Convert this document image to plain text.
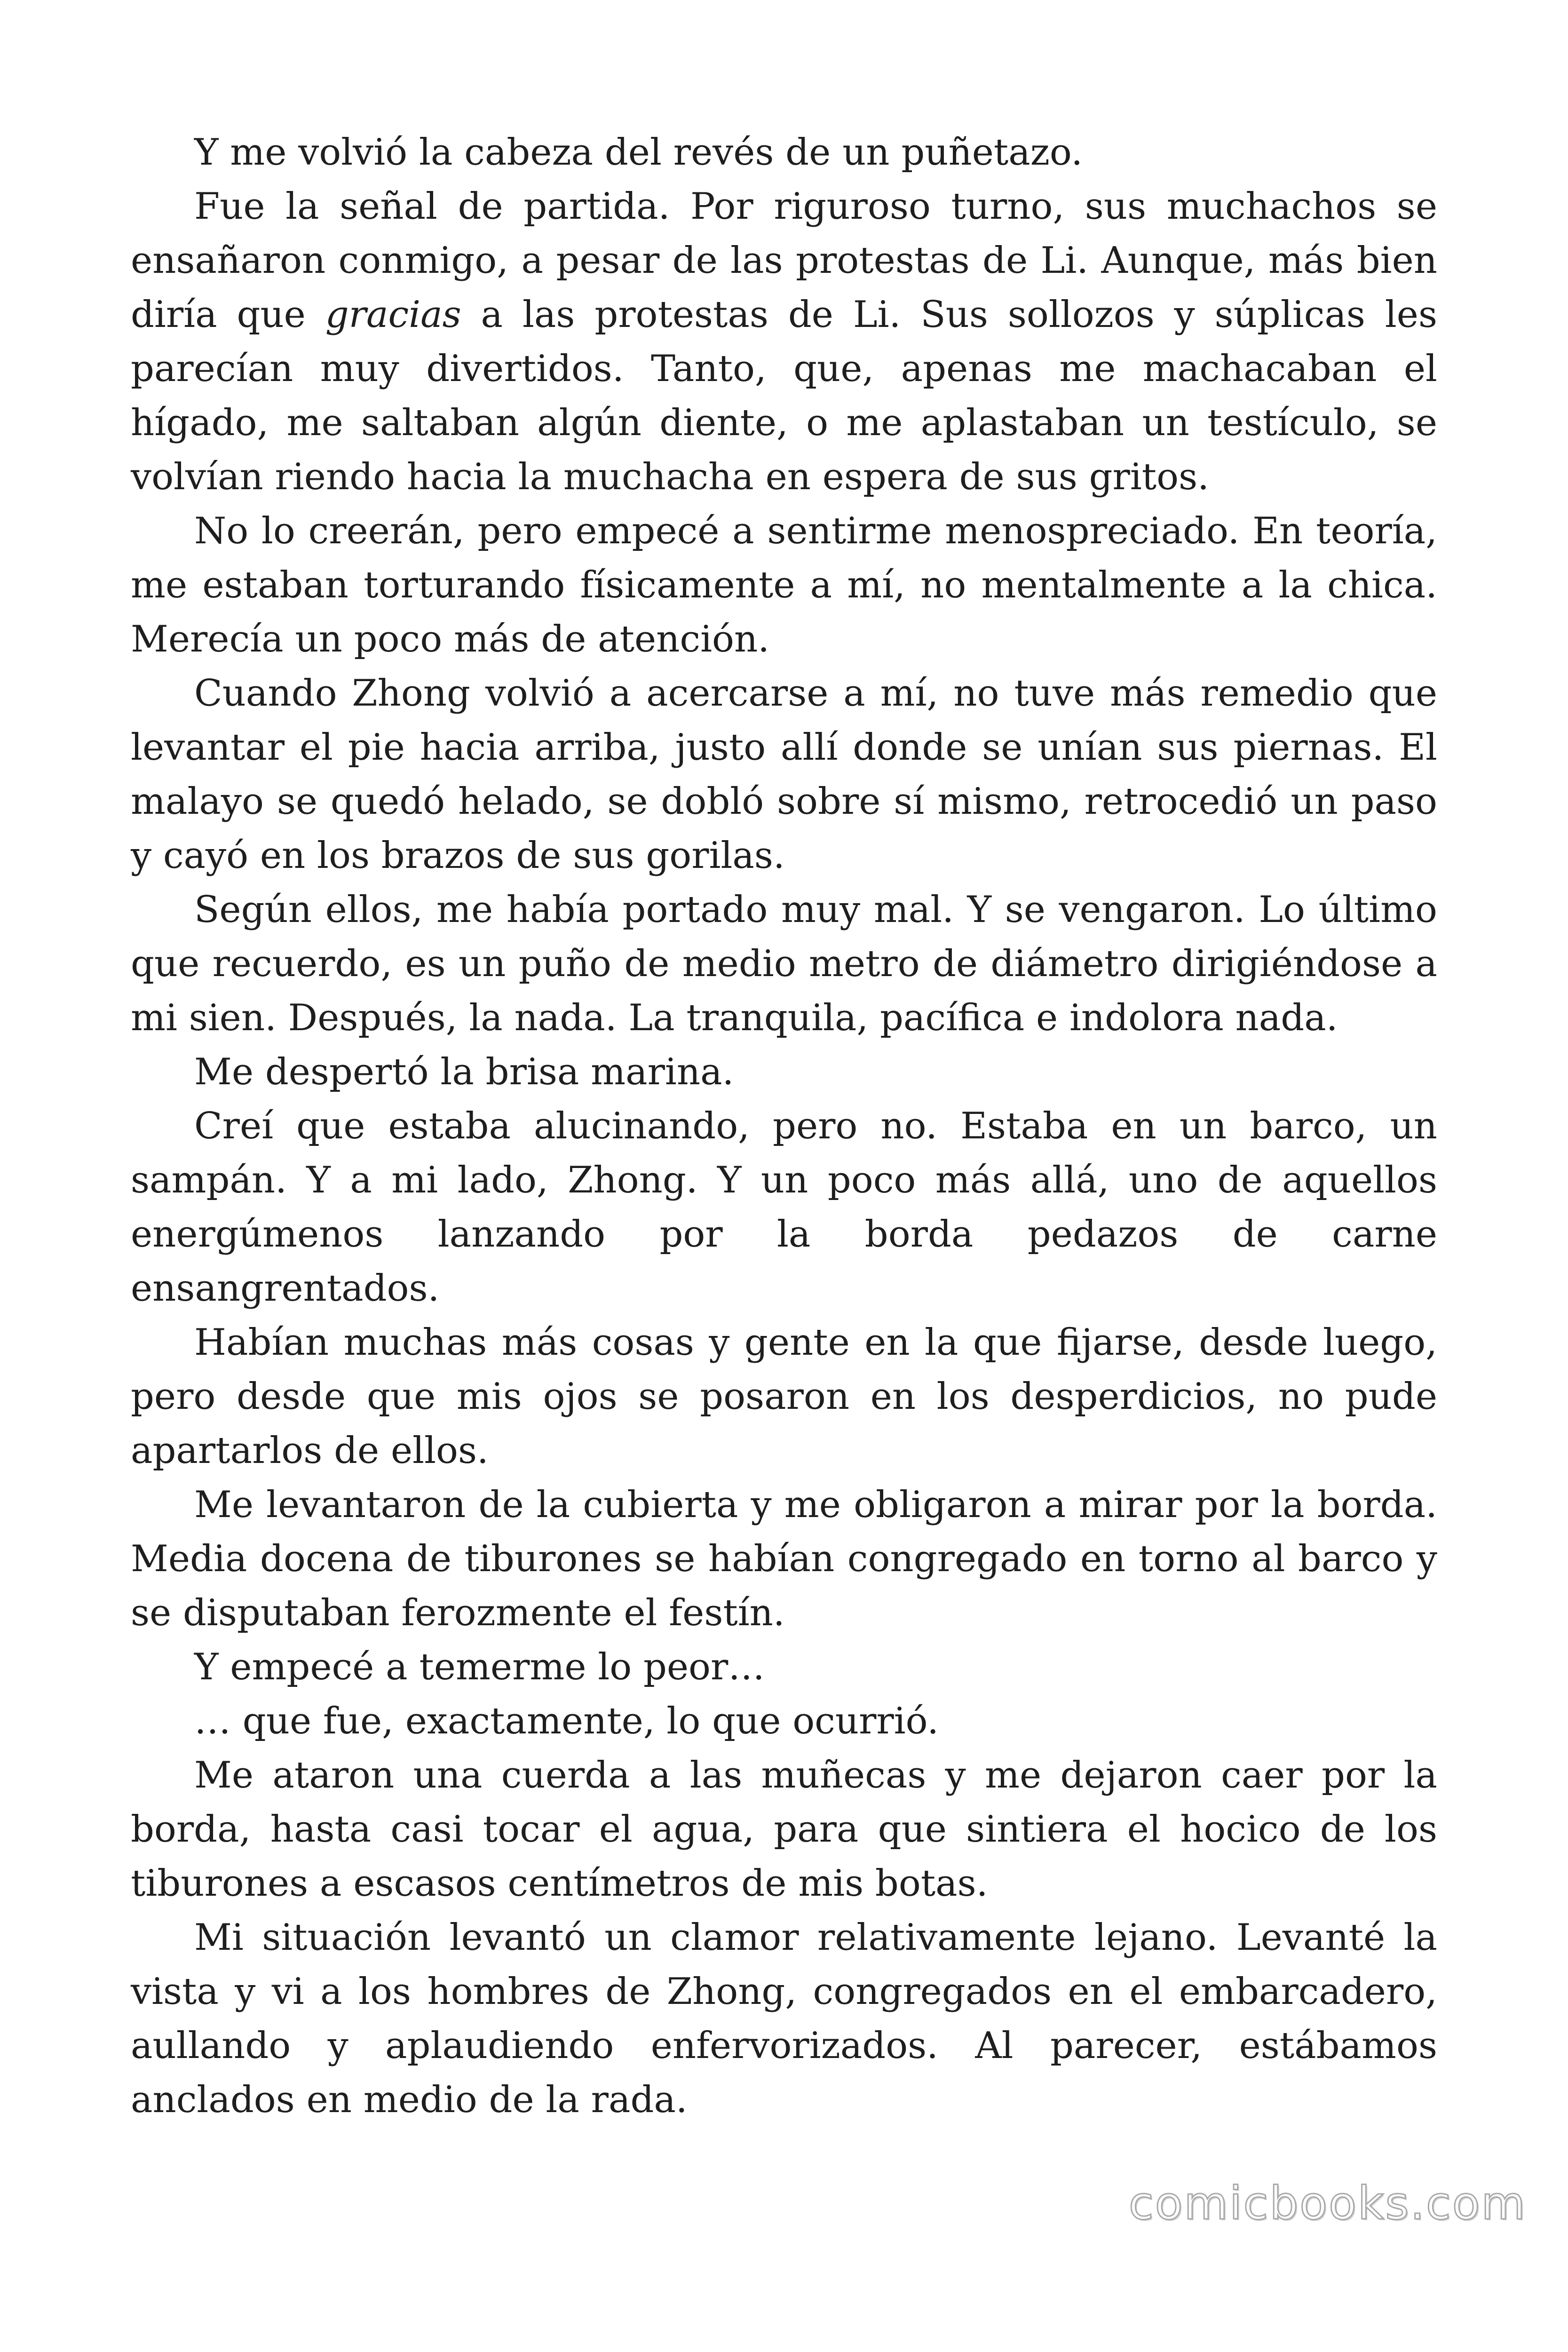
Y me volvió la cabeza del revés de un puñetazo.

Fue la señal de partida. Por riguroso turno, sus muchachos se ensañaron conmigo, a pesar de las protestas de Li. Aunque, más bien diría que gracias a las protestas de Li. Sus sollozos y súplicas les parecían muy divertidos. Tanto, que, apenas me machacaban el hígado, me saltaban algún diente, o me aplastaban un testículo, se volvían riendo hacia la muchacha en espera de sus gritos.

No lo creerán, pero empecé a sentirme menospreciado. En teoría, me estaban torturando físicamente a mí, no mentalmente a la chica. Merecía un poco más de atención.

Cuando Zhong volvió a acercarse a mí, no tuve más remedio que levantar el pie hacia arriba, justo allí donde se unían sus piernas. El malayo se quedó helado, se dobló sobre sí mismo, retrocedió un paso y cayó en los brazos de sus gorilas.

Según ellos, me había portado muy mal. Y se vengaron. Lo último que recuerdo, es un puño de medio metro de diámetro dirigiéndose a mi sien. Después, la nada. La tranquila, pacífica e indolora nada.

Me despertó la brisa marina.

Creí que estaba alucinando, pero no. Estaba en un barco, un sampán. Y a mi lado, Zhong. Y un poco más allá, uno de aquellos energúmenos lanzando por la borda pedazos de carne ensangrentados.

Habían muchas más cosas y gente en la que fijarse, desde luego, pero desde que mis ojos se posaron en los desperdicios, no pude apartarlos de ellos.

Me levantaron de la cubierta y me obligaron a mirar por la borda. Media docena de tiburones se habían congregado en torno al barco y se disputaban ferozmente el festín.

Y empecé a temerme lo peor…

… que fue, exactamente, lo que ocurrió.

Me ataron una cuerda a las muñecas y me dejaron caer por la borda, hasta casi tocar el agua, para que sintiera el hocico de los tiburones a escasos centímetros de mis botas.

Mi situación levantó un clamor relativamente lejano. Levanté la vista y vi a los hombres de Zhong, congregados en el embarcadero, aullando y aplaudiendo enfervorizados. Al parecer, estábamos anclados en medio de la rada.

comicbooks.com
